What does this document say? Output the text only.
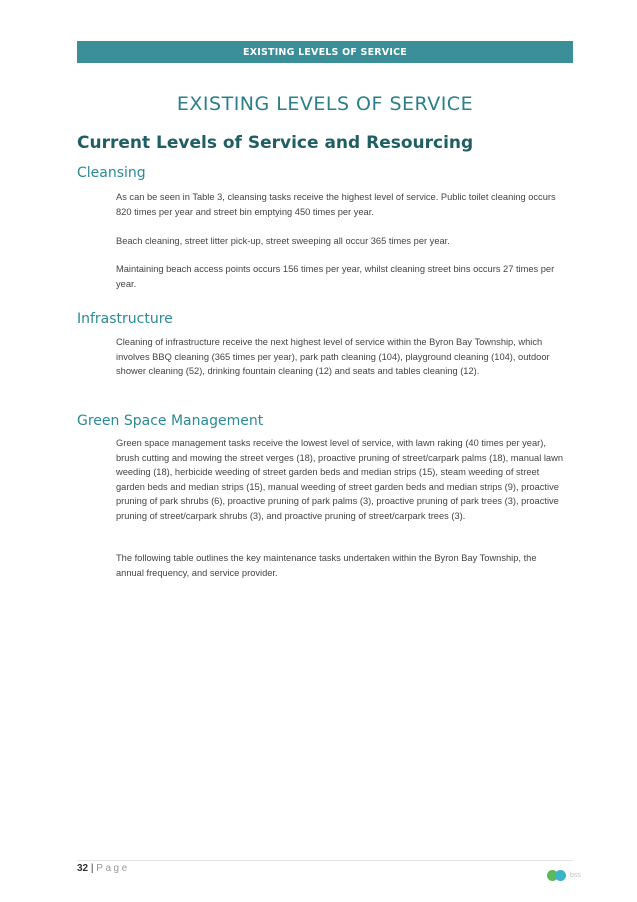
EXISTING LEVELS OF SERVICE
EXISTING LEVELS OF SERVICE
Current Levels of Service and Resourcing
Cleansing

As can be seen in Table 3, cleansing tasks receive the highest level of service. Public toilet cleaning occurs 820 times per year and street bin emptying 450 times per year.

Beach cleaning, street litter pick-up, street sweeping all occur 365 times per year.

Maintaining beach access points occurs 156 times per year, whilst cleaning street bins occurs 27 times per year.

Infrastructure

Cleaning of infrastructure receive the next highest level of service within the Byron Bay Township, which involves BBQ cleaning (365 times per year), park path cleaning (104), playground cleaning (104), outdoor shower cleaning (52), drinking fountain cleaning (12) and seats and tables cleaning (12).

Green Space Management

Green space management tasks receive the lowest level of service, with lawn raking (40 times per year), brush cutting and mowing the street verges (18), proactive pruning of street/carpark palms (18), manual lawn weeding (18), herbicide weeding of street garden beds and median strips (15), steam weeding of street garden beds and median strips (15), manual weeding of street garden beds and median strips (9), proactive pruning of park shrubs (6), proactive pruning of park palms (3), proactive pruning of park trees (3), proactive pruning of street/carpark shrubs (3), and proactive pruning of street/carpark trees (3).

The following table outlines the key maintenance tasks undertaken within the Byron Bay Township, the annual frequency, and service provider.

32 | Page
bss
